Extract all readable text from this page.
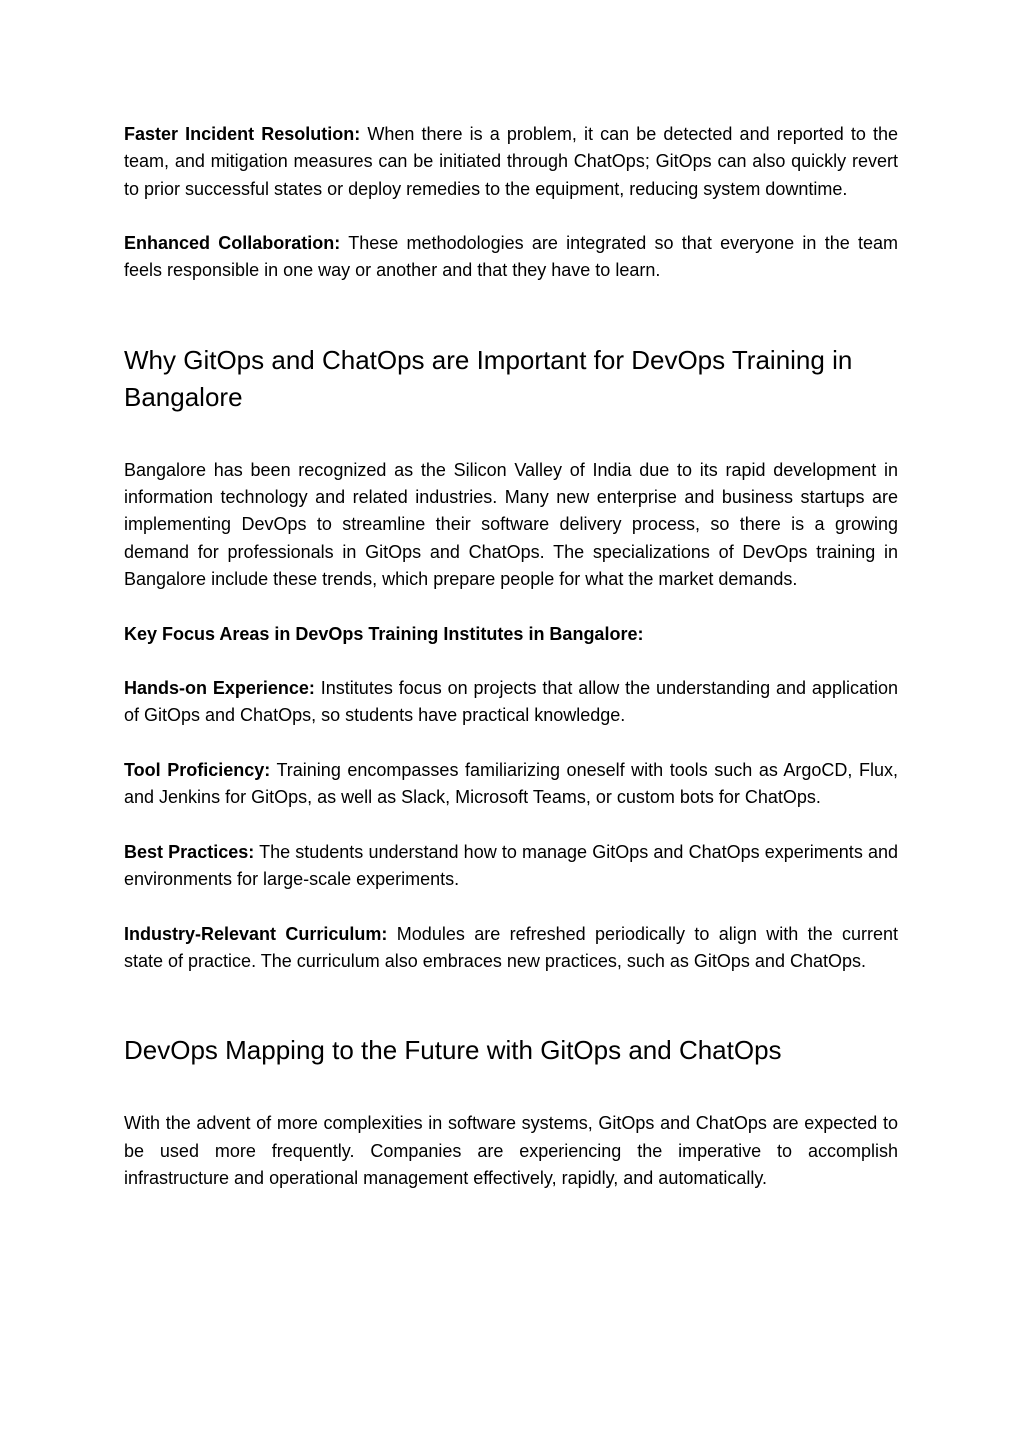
Faster Incident Resolution: When there is a problem, it can be detected and reported to the team, and mitigation measures can be initiated through ChatOps; GitOps can also quickly revert to prior successful states or deploy remedies to the equipment, reducing system downtime.

Enhanced Collaboration: These methodologies are integrated so that everyone in the team feels responsible in one way or another and that they have to learn.

Why GitOps and ChatOps are Important for DevOps Training in Bangalore

Bangalore has been recognized as the Silicon Valley of India due to its rapid development in information technology and related industries. Many new enterprise and business startups are implementing DevOps to streamline their software delivery process, so there is a growing demand for professionals in GitOps and ChatOps. The specializations of DevOps training in Bangalore include these trends, which prepare people for what the market demands.

Key Focus Areas in DevOps Training Institutes in Bangalore:

Hands-on Experience: Institutes focus on projects that allow the understanding and application of GitOps and ChatOps, so students have practical knowledge.

Tool Proficiency: Training encompasses familiarizing oneself with tools such as ArgoCD, Flux, and Jenkins for GitOps, as well as Slack, Microsoft Teams, or custom bots for ChatOps.

Best Practices: The students understand how to manage GitOps and ChatOps experiments and environments for large-scale experiments.

Industry-Relevant Curriculum: Modules are refreshed periodically to align with the current state of practice. The curriculum also embraces new practices, such as GitOps and ChatOps.

DevOps Mapping to the Future with GitOps and ChatOps

With the advent of more complexities in software systems, GitOps and ChatOps are expected to be used more frequently. Companies are experiencing the imperative to accomplish infrastructure and operational management effectively, rapidly, and automatically.
